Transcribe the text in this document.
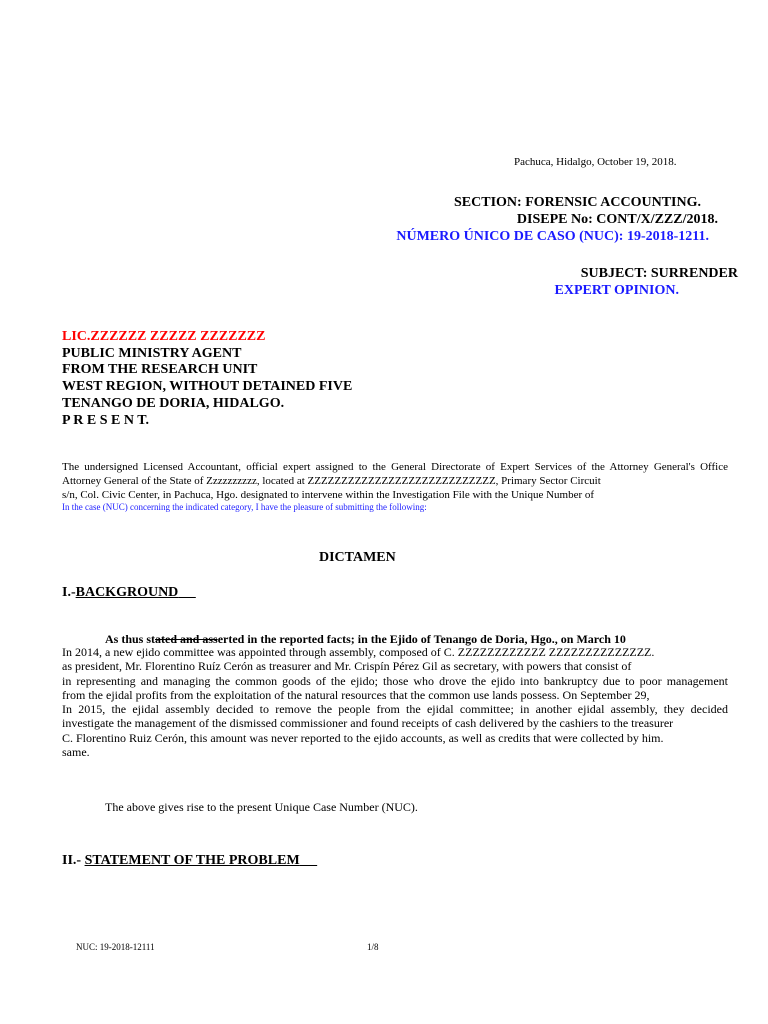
Pachuca, Hidalgo, October 19, 2018.
SECTION: FORENSIC ACCOUNTING.
DISEPE No: CONT/X/ZZZ/2018.
NÚMERO ÚNICO DE CASO (NUC): 19-2018-1211.
SUBJECT: SURRENDER
EXPERT OPINION.
LIC.ZZZZZZ ZZZZZ ZZZZZZZ
PUBLIC MINISTRY AGENT
FROM THE RESEARCH UNIT
WEST REGION, WITHOUT DETAINED FIVE
TENANGO DE DORIA, HIDALGO.
P R E S E N T.
The undersigned Licensed Accountant, official expert assigned to the General Directorate of Expert Services of the Attorney General's Office
Attorney General of the State of Zzzzzzzzzz, located at ZZZZZZZZZZZZZZZZZZZZZZZZZZZZ, Primary Sector Circuit
s/n, Col. Civic Center, in Pachuca, Hgo. designated to intervene within the Investigation File with the Unique Number of
In the case (NUC) concerning the indicated category, I have the pleasure of submitting the following:
DICTAMEN
I.-BACKGROUND
As thus stated and asserted in the reported facts; in the Ejido of Tenango de Doria, Hgo., on March 10
In 2014, a new ejido committee was appointed through assembly, composed of C. ZZZZZZZZZZZZ ZZZZZZZZZZZZZZ.
as president, Mr. Florentino Ruíz Cerón as treasurer and Mr. Crispín Pérez Gil as secretary, with powers that consist of
in representing and managing the common goods of the ejido; those who drove the ejido into bankruptcy due to poor management
from the ejidal profits from the exploitation of the natural resources that the common use lands possess. On September 29,
In 2015, the ejidal assembly decided to remove the people from the ejidal committee; in another ejidal assembly, they decided
investigate the management of the dismissed commissioner and found receipts of cash delivered by the cashiers to the treasurer
C. Florentino Ruiz Cerón, this amount was never reported to the ejido accounts, as well as credits that were collected by him.
same.
The above gives rise to the present Unique Case Number (NUC).
II.- STATEMENT OF THE PROBLEM
NUC: 19-2018-12111	1/8
